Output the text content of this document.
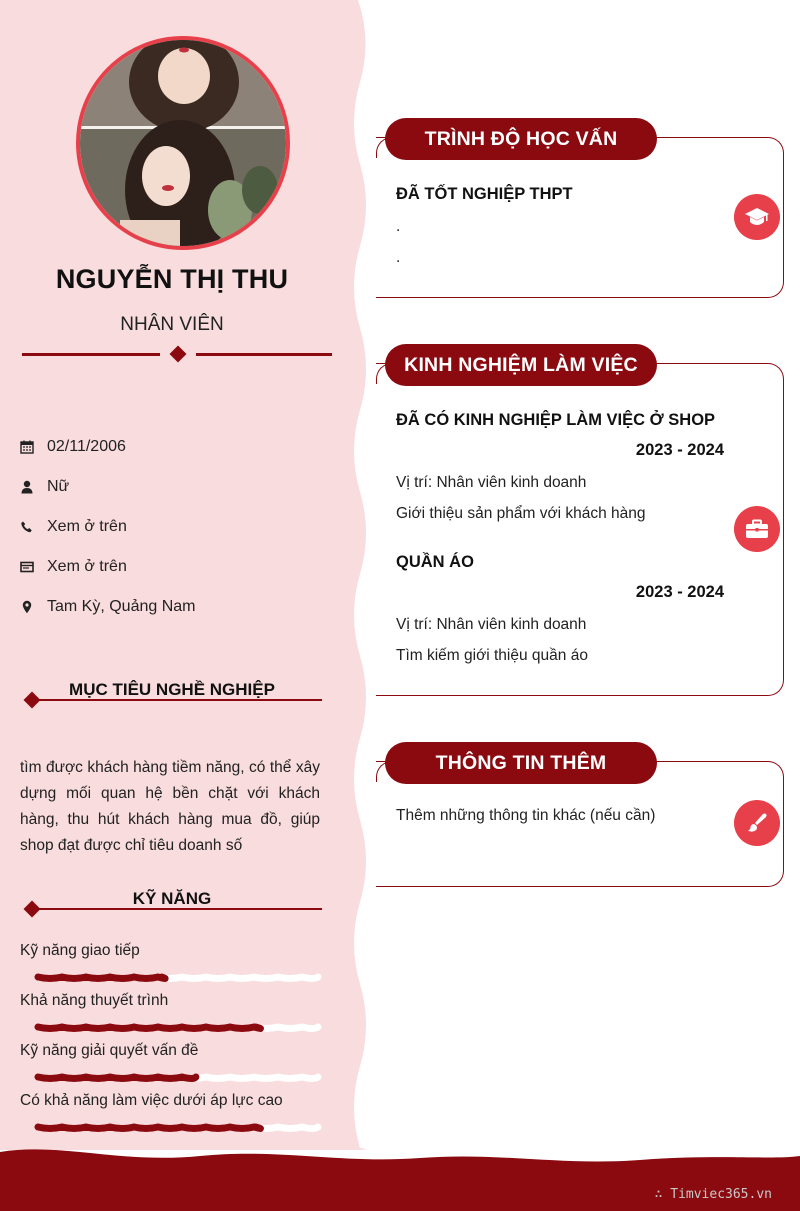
NGUYỄN THỊ THU
NHÂN VIÊN
02/11/2006
Nữ
Xem ở trên
Xem ở trên
Tam Kỳ, Quảng Nam
MỤC TIÊU NGHỀ NGHIỆP
tìm được khách hàng tiềm năng, có thể xây dựng mối quan hệ bền chặt với khách hàng, thu hút khách hàng mua đồ, giúp shop đạt được chỉ tiêu doanh số
KỸ NĂNG
Kỹ năng giao tiếp
Khả năng thuyết trình
Kỹ năng giải quyết vấn đề
Có khả năng làm việc dưới áp lực cao
TRÌNH ĐỘ HỌC VẤN
ĐÃ TỐT NGHIỆP THPT
.
.
KINH NGHIỆM LÀM VIỆC
ĐÃ CÓ KINH NGHIỆP LÀM VIỆC Ở SHOP
2023 - 2024
Vị trí: Nhân viên kinh doanh
Giới thiệu sản phẩm với khách hàng
QUẦN ÁO
2023 - 2024
Vị trí: Nhân viên kinh doanh
Tìm kiếm giới thiệu quần áo
THÔNG TIN THÊM
Thêm những thông tin khác (nếu cần)
∴ Timviec365.vn
